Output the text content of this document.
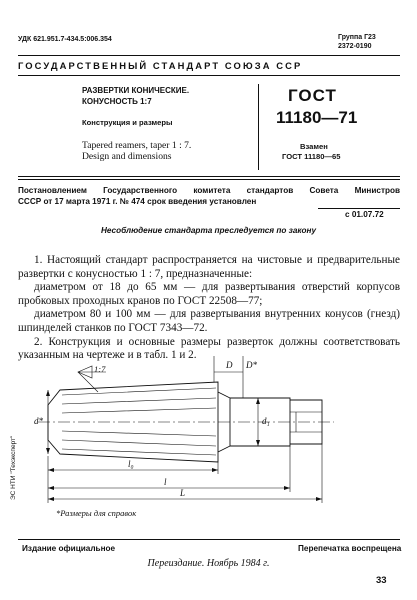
УДК 621.951.7-434.5:006.354	Группа Г23
2372-0190
ГОСУДАРСТВЕННЫЙ СТАНДАРТ СОЮЗА ССР
РАЗВЕРТКИ КОНИЧЕСКИЕ.
КОНУСНОСТЬ 1:7
Конструкция и размеры
Tapered reamers, taper 1 : 7.
Design and dimensions
ГОСТ
11180—71
Взамен
ГОСТ 11180—65
Постановлением Государственного комитета стандартов Совета Министров
СССР от 17 марта 1971 г. № 474 срок введения установлен
с 01.07.72
Несоблюдение стандарта преследуется по закону
1. Настоящий стандарт распространяется на чистовые и предварительные развертки с конусностью 1 : 7, предназначенные:
диаметром от 18 до 65 мм — для развертывания отверстий корпусов пробковых проходных кранов по ГОСТ 22508—77;
диаметром 80 и 100 мм — для развертывания внутренних конусов (гнезд) шпинделей станков по ГОСТ 7343—72.
2. Конструкция и основные размеры разверток должны соответствовать указанным на чертеже и в табл. 1 и 2.
1:7	D D*
d₁
d*
l₀
l
L
*Размеры для справок
ЭС НТИ "Техэксперт"
Издание официальное	Перепечатка воспрещена
Переиздание. Ноябрь 1984 г.
33
